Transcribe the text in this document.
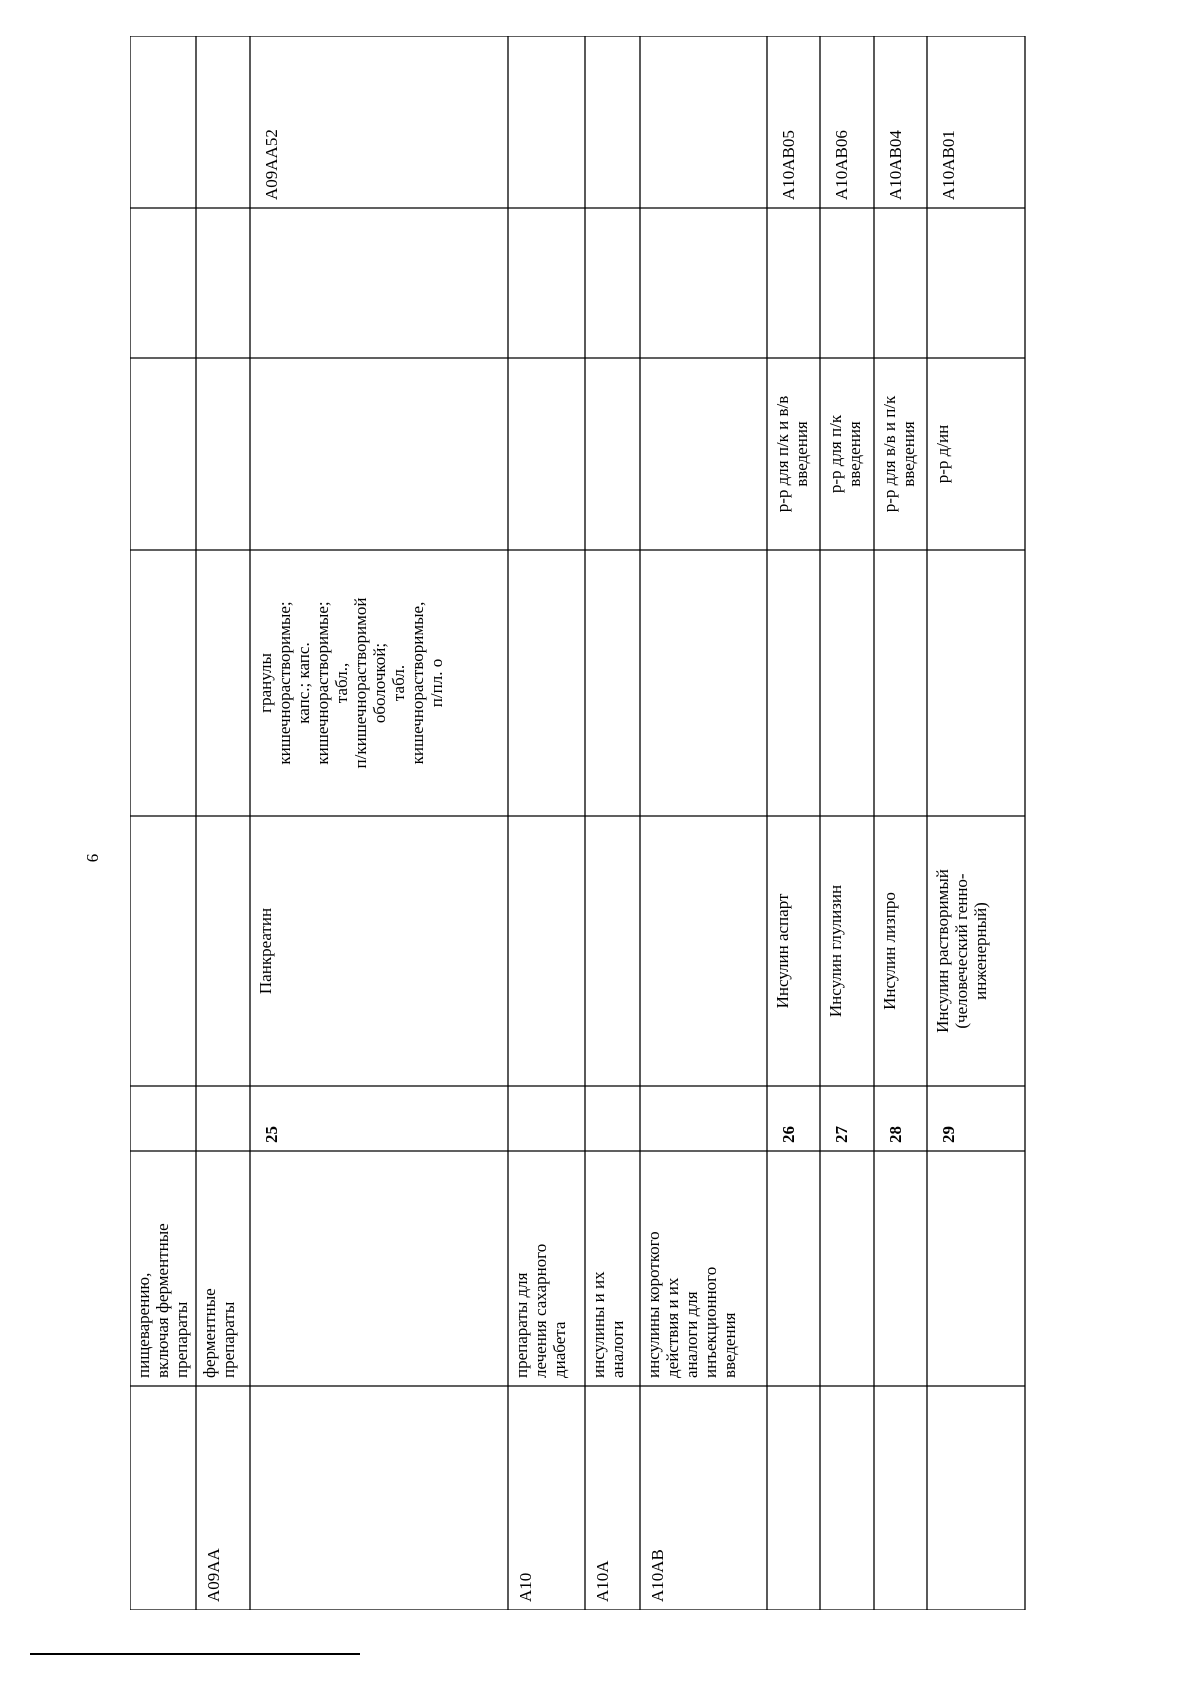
9
пищеварению, включая ферментные препараты
A09AA
ферментные препараты
25
Панкреатин
гранулы кишечнорастворимые; капс.; капс. кишечнорастворимые; табл., п/кишечнорастворимой оболочкой; табл. кишечнорастворимые, п/пл. о
A09AA52
A10
препараты для лечения сахарного диабета
A10A
инсулины и их аналоги
A10AB
инсулины короткого действия и их аналоги для инъекционного введения
26
Инсулин аспарт
р-р для п/к и в/в введения
A10AB05
27
Инсулин глулизин
р-р для п/к введения
A10AB06
28
Инсулин лизпро
р-р для в/в и п/к введения
A10AB04
29
Инсулин растворимый (человеческий генно- инженерный)
р-р д/ин
A10AB01
